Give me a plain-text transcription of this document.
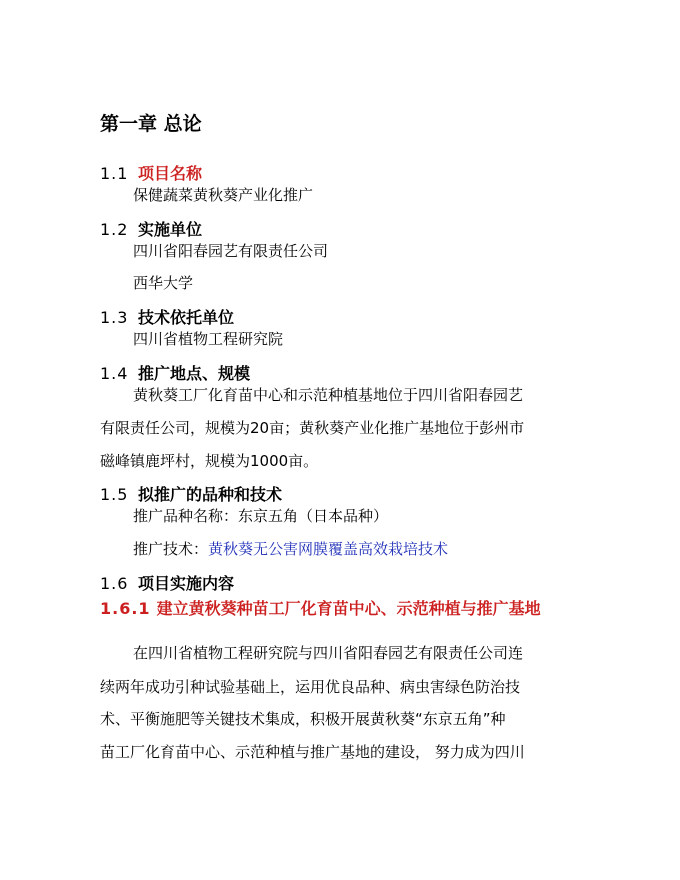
第一章 总论
1.1 项目名称
保健蔬菜黄秋葵产业化推广
1.2 实施单位
四川省阳春园艺有限责任公司
西华大学
1.3 技术依托单位
四川省植物工程研究院
1.4 推广地点、规模
黄秋葵工厂化育苗中心和示范种植基地位于四川省阳春园艺
有限责任公司，规模为20亩；黄秋葵产业化推广基地位于彭州市
磁峰镇鹿坪村，规模为1000亩。
1.5 拟推广的品种和技术
推广品种名称：东京五角（日本品种）
推广技术：黄秋葵无公害网膜覆盖高效栽培技术
1.6 项目实施内容
1.6.1 建立黄秋葵种苗工厂化育苗中心、示范种植与推广基地
在四川省植物工程研究院与四川省阳春园艺有限责任公司连
续两年成功引种试验基础上，运用优良品种、病虫害绿色防治技
术、平衡施肥等关键技术集成，积极开展黄秋葵“东京五角”种
苗工厂化育苗中心、示范种植与推广基地的建设， 努力成为四川
